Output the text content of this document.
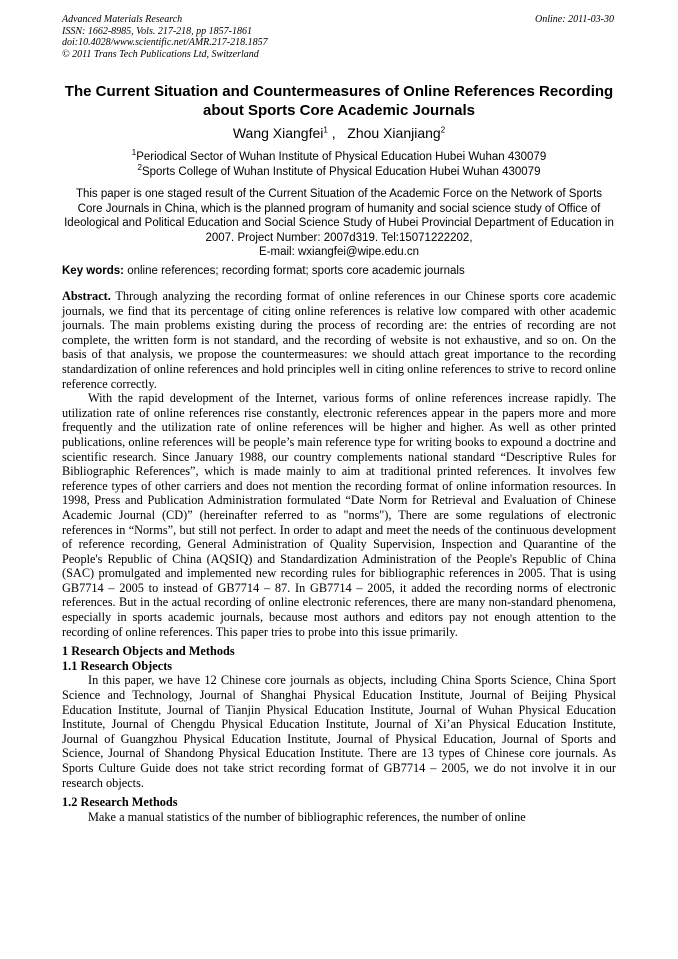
Advanced Materials Research
ISSN: 1662-8985, Vols. 217-218, pp 1857-1861
doi:10.4028/www.scientific.net/AMR.217-218.1857
© 2011 Trans Tech Publications Ltd, Switzerland
Online: 2011-03-30
The Current Situation and Countermeasures of Online References Recording about Sports Core Academic Journals
Wang Xiangfei$^1$ , Zhou Xianjiang$^2$
$^1$Periodical Sector of Wuhan Institute of Physical Education Hubei Wuhan 430079
$^2$Sports College of Wuhan Institute of Physical Education Hubei Wuhan 430079
This paper is one staged result of the Current Situation of the Academic Force on the Network of Sports Core Journals in China, which is the planned program of humanity and social science study of Office of Ideological and Political Education and Social Science Study of Hubei Provincial Department of Education in 2007. Project Number: 2007d319. Tel:15071222202,
E-mail: wxiangfei@wipe.edu.cn
Key words: online references; recording format; sports core academic journals

Abstract. Through analyzing the recording format of online references in our Chinese sports core academic journals, we find that its percentage of citing online references is relative low compared with other academic journals. The main problems existing during the process of recording are: the entries of recording are not complete, the written form is not standard, and the recording of website is not exhaustive, and so on. On the basis of that analysis, we propose the countermeasures: we should attach great importance to the recording standardization of online references and hold principles well in citing online references to strive to record online reference correctly.

With the rapid development of the Internet, various forms of online references increase rapidly. The utilization rate of online references rise constantly, electronic references appear in the papers more and more frequently and the utilization rate of online references will be higher and higher. As well as other printed publications, online references will be people’s main reference type for writing books to expound a doctrine and scientific research. Since January 1988, our country complements national standard “Descriptive Rules for Bibliographic References”, which is made mainly to aim at traditional printed references. It involves few reference types of other carriers and does not mention the recording format of online information resources. In 1998, Press and Publication Administration formulated “Date Norm for Retrieval and Evaluation of Chinese Academic Journal (CD)” (hereinafter referred to as "norms"), There are some regulations of electronic references in “Norms”, but still not perfect. In order to adapt and meet the needs of the continuous development of reference recording, General Administration of Quality Supervision, Inspection and Quarantine of the People's Republic of China (AQSIQ) and Standardization Administration of the People's Republic of China (SAC) promulgated and implemented new recording rules for bibliographic references in 2005. That is using GB7714 – 2005 to instead of GB7714 – 87. In GB7714 – 2005, it added the recording norms of electronic references. But in the actual recording of online electronic references, there are many non-standard phenomena, especially in sports academic journals, because most authors and editors pay not enough attention to the recording of online references. This paper tries to probe into this issue primarily.

1 Research Objects and Methods

1.1 Research Objects

In this paper, we have 12 Chinese core journals as objects, including China Sports Science, China Sport Science and Technology, Journal of Shanghai Physical Education Institute, Journal of Beijing Physical Education Institute, Journal of Tianjin Physical Education Institute, Journal of Wuhan Physical Education Institute, Journal of Chengdu Physical Education Institute, Journal of Xi’an Physical Education Institute, Journal of Guangzhou Physical Education Institute, Journal of Physical Education, Journal of Sports and Science, Journal of Shandong Physical Education Institute. There are 13 types of Chinese core journals. As Sports Culture Guide does not take strict recording format of GB7714 – 2005, we do not involve it in our research objects.

1.2 Research Methods

Make a manual statistics of the number of bibliographic references, the number of online
